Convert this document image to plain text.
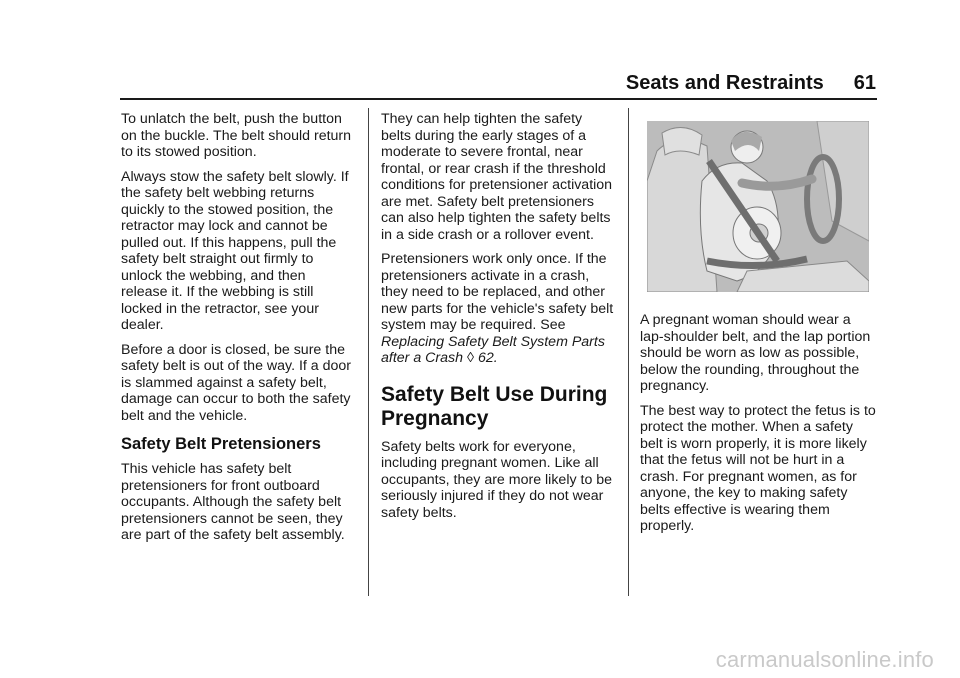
Seats and Restraints 61

To unlatch the belt, push the button on the buckle. The belt should return to its stowed position.

Always stow the safety belt slowly. If the safety belt webbing returns quickly to the stowed position, the retractor may lock and cannot be pulled out. If this happens, pull the safety belt straight out firmly to unlock the webbing, and then release it. If the webbing is still locked in the retractor, see your dealer.

Before a door is closed, be sure the safety belt is out of the way. If a door is slammed against a safety belt, damage can occur to both the safety belt and the vehicle.

Safety Belt Pretensioners

This vehicle has safety belt pretensioners for front outboard occupants. Although the safety belt pretensioners cannot be seen, they are part of the safety belt assembly.

They can help tighten the safety belts during the early stages of a moderate to severe frontal, near frontal, or rear crash if the threshold conditions for pretensioner activation are met. Safety belt pretensioners can also help tighten the safety belts in a side crash or a rollover event.

Pretensioners work only once. If the pretensioners activate in a crash, they need to be replaced, and other new parts for the vehicle's safety belt system may be required. See Replacing Safety Belt System Parts after a Crash ◊ 62.

Safety Belt Use During Pregnancy

Safety belts work for everyone, including pregnant women. Like all occupants, they are more likely to be seriously injured if they do not wear safety belts.

A pregnant woman should wear a lap-shoulder belt, and the lap portion should be worn as low as possible, below the rounding, throughout the pregnancy.

The best way to protect the fetus is to protect the mother. When a safety belt is worn properly, it is more likely that the fetus will not be hurt in a crash. For pregnant women, as for anyone, the key to making safety belts effective is wearing them properly.

carmanualsonline.info
